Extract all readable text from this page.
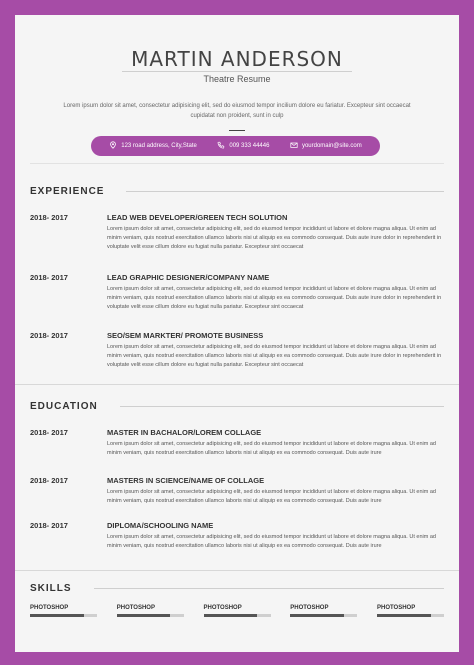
MARTIN ANDERSON
Theatre Resume
Lorem ipsum dolor sit amet, consectetur adipisicing elit, sed do eiusmod tempor incilium dolore eu fariatur. Excepteur sint occaecat cupidatat non proident, sunt in culp
123 road address, City,State	009 333 44446	yourdomain@site.com
EXPERIENCE
2018- 2017	LEAD WEB DEVELOPER/GREEN TECH SOLUTION
Lorem ipsum dolor sit amet, consectetur adipisicing elit, sed do eiusmod tempor incididunt ut labore et dolore magna aliqua. Ut enim ad minim veniam, quis nostrud exercitation ullamco laboris nisi ut aliquip ex ea commodo consequat. Duis aute irure dolor in reprehenderit in voluptate velit esse cillum dolore eu fugiat nulla pariatur. Excepteur sint occaecat
2018- 2017	LEAD GRAPHIC DESIGNER/COMPANY NAME
Lorem ipsum dolor sit amet, consectetur adipisicing elit, sed do eiusmod tempor incididunt ut labore et dolore magna aliqua. Ut enim ad minim veniam, quis nostrud exercitation ullamco laboris nisi ut aliquip ex ea commodo consequat. Duis aute irure dolor in reprehenderit in voluptate velit esse cillum dolore eu fugiat nulla pariatur. Excepteur sint occaecat
2018- 2017	SEO/SEM MARKTER/ PROMOTE BUSINESS
Lorem ipsum dolor sit amet, consectetur adipisicing elit, sed do eiusmod tempor incididunt ut labore et dolore magna aliqua. Ut enim ad minim veniam, quis nostrud exercitation ullamco laboris nisi ut aliquip ex ea commodo consequat. Duis aute irure dolor in reprehenderit in voluptate velit esse cillum dolore eu fugiat nulla pariatur. Excepteur sint occaecat
EDUCATION
2018- 2017	MASTER IN BACHALOR/LOREM COLLAGE
Lorem ipsum dolor sit amet, consectetur adipisicing elit, sed do eiusmod tempor incididunt ut labore et dolore magna aliqua. Ut enim ad minim veniam, quis nostrud exercitation ullamco laboris nisi ut aliquip ex ea commodo consequat. Duis aute irure
2018- 2017	MASTERS IN SCIENCE/NAME OF COLLAGE
Lorem ipsum dolor sit amet, consectetur adipisicing elit, sed do eiusmod tempor incididunt ut labore et dolore magna aliqua. Ut enim ad minim veniam, quis nostrud exercitation ullamco laboris nisi ut aliquip ex ea commodo consequat. Duis aute irure
2018- 2017	DIPLOMA/SCHOOLING NAME
Lorem ipsum dolor sit amet, consectetur adipisicing elit, sed do eiusmod tempor incididunt ut labore et dolore magna aliqua. Ut enim ad minim veniam, quis nostrud exercitation ullamco laboris nisi ut aliquip ex ea commodo consequat. Duis aute irure
SKILLS
PHOTOSHOP	PHOTOSHOP	PHOTOSHOP	PHOTOSHOP	PHOTOSHOP
